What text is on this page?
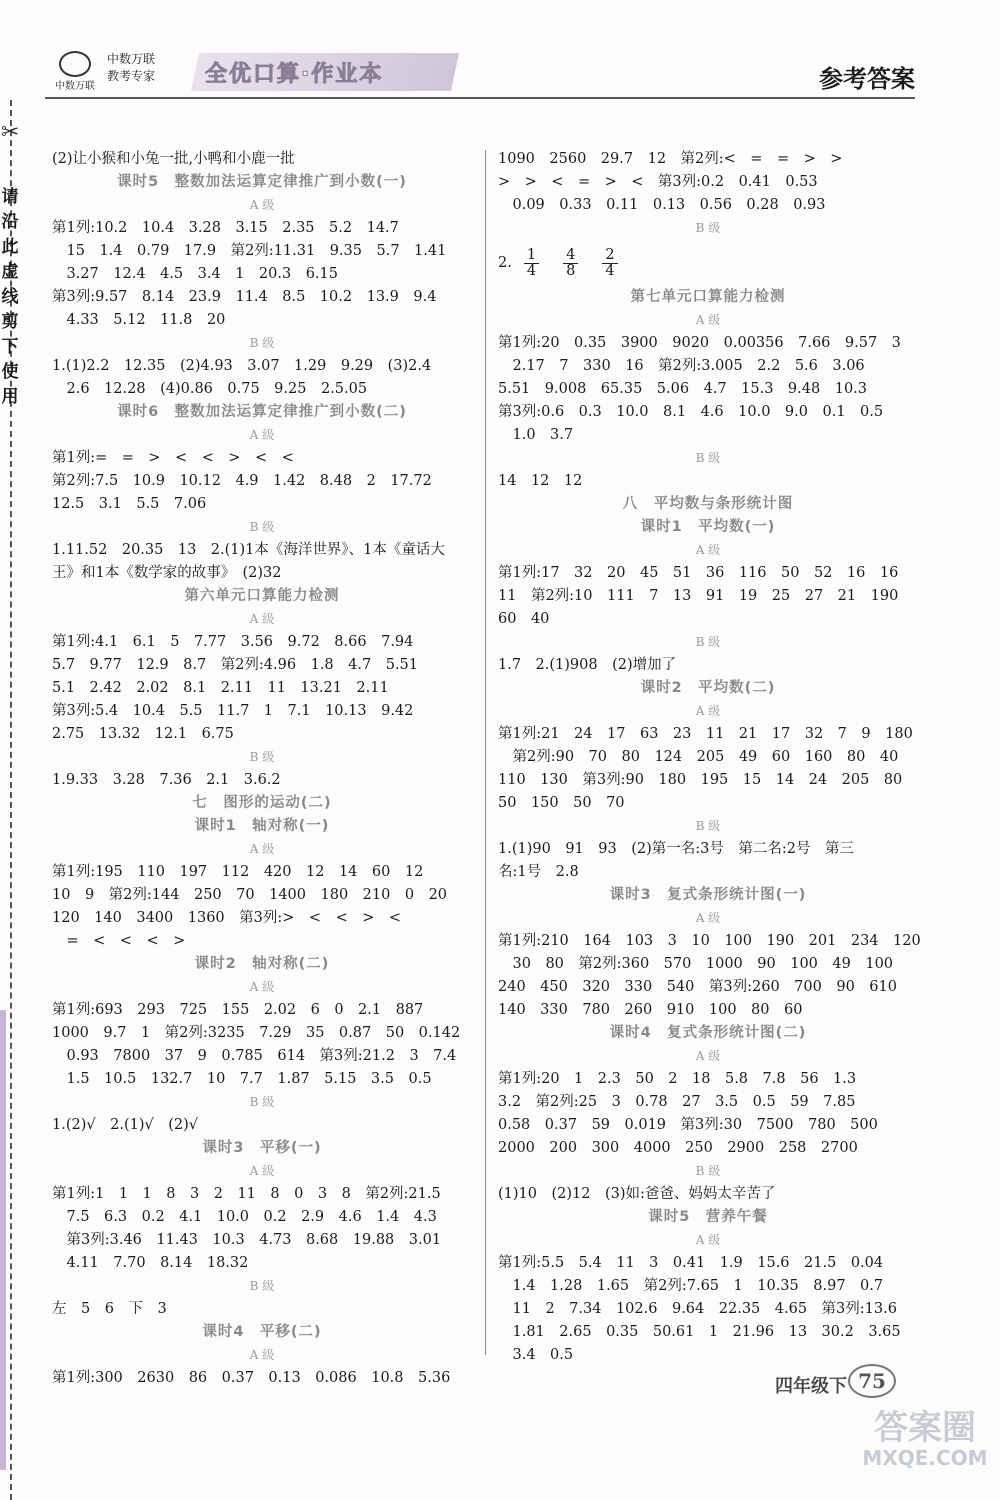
✂
请沿此虚线剪下使用
中数万联
中数万联
教考专家 全优口算·作业本	参考答案
(2)让小猴和小兔一批,小鸭和小鹿一批
课时5　整数加法运算定律推广到小数(一)
A 级
第1列:10.2　10.4　3.28　3.15　2.35　5.2　14.7
　15　1.4　0.79　17.9　第2列:11.31　9.35　5.7　1.41
　3.27　12.4　4.5　3.4　1　20.3　6.15
第3列:9.57　8.14　23.9　11.4　8.5　10.2　13.9　9.4
　4.33　5.12　11.8　20
B 级
1.(1)2.2　12.35　(2)4.93　3.07　1.29　9.29　(3)2.4
　2.6　12.28　(4)0.86　0.75　9.25　2.5.05
课时6　整数加法运算定律推广到小数(二)
A 级
第1列:=　=　>　<　<　>　<　<
第2列:7.5　10.9　10.12　4.9　1.42　8.48　2　17.72
12.5　3.1　5.5　7.06
B 级
1.11.52　20.35　13　2.(1)1本《海洋世界》、1本《童话大
王》和1本《数学家的故事》　(2)32
第六单元口算能力检测
A 级
第1列:4.1　6.1　5　7.77　3.56　9.72　8.66　7.94
5.7　9.77　12.9　8.7　第2列:4.96　1.8　4.7　5.51
5.1　2.42　2.02　8.1　2.11　11　13.21　2.11
第3列:5.4　10.4　5.5　11.7　1　7.1　10.13　9.42
2.75　13.32　12.1　6.75
B 级
1.9.33　3.28　7.36　2.1　3.6.2
七　图形的运动(二)
课时1　轴对称(一)
A 级
第1列:195　110　197　112　420　12　14　60　12
10　9　第2列:144　250　70　1400　180　210　0　20
120　140　3400　1360　第3列:>　<　<　>　<
　=　<　<　<　>
课时2　轴对称(二)
A 级
第1列:693　293　725　155　2.02　6　0　2.1　887
1000　9.7　1　第2列:3235　7.29　35　0.87　50　0.142
　0.93　7800　37　9　0.785　614　第3列:21.2　3　7.4
　1.5　10.5　132.7　10　7.7　1.87　5.15　3.5　0.5
B 级
1.(2)√　2.(1)√　(2)√
课时3　平移(一)
A 级
第1列:1　1　1　8　3　2　11　8　0　3　8　第2列:21.5
　7.5　6.3　0.2　4.1　10.0　0.2　2.9　4.6　1.4　4.3
　第3列:3.46　11.43　10.3　4.73　8.68　19.88　3.01
　4.11　7.70　8.14　18.32
B 级
左　5　6　下　3
课时4　平移(二)
A 级
第1列:300　2630　86　0.37　0.13　0.086　10.8　5.36
1090　2560　29.7　12　第2列:<　=　=　>　>
>　>　<　=　>　<　第3列:0.2　0.41　0.53
　0.09　0.33　0.11　0.13　0.56　0.28　0.93
B 级
2. $\frac{1}{4} \frac{4}{8} \frac{2}{4}$
第七单元口算能力检测
A 级
第1列:20　0.35　3900　9020　0.00356　7.66　9.57　3
　2.17　7　330　16　第2列:3.005　2.2　5.6　3.06
5.51　9.008　65.35　5.06　4.7　15.3　9.48　10.3
第3列:0.6　0.3　10.0　8.1　4.6　10.0　9.0　0.1　0.5
　1.0　3.7
B 级
14　12　12
八　平均数与条形统计图
课时1　平均数(一)
A 级
第1列:17　32　20　45　51　36　116　50　52　16　16
11　第2列:10　111　7　13　91　19　25　27　21　190
60　40
B 级
1.7　2.(1)908　(2)增加了
课时2　平均数(二)
A 级
第1列:21　24　17　63　23　11　21　17　32　7　9　180
　第2列:90　70　80　124　205　49　60　160　80　40
110　130　第3列:90　180　195　15　14　24　205　80
50　150　50　70
B 级
1.(1)90　91　93　(2)第一名:3号　第二名:2号　第三
名:1号　2.8
课时3　复式条形统计图(一)
A 级
第1列:210　164　103　3　10　100　190　201　234　120
　30　80　第2列:360　570　1000　90　100　49　100
240　450　320　330　540　第3列:260　700　90　610
140　330　780　260　910　100　80　60
课时4　复式条形统计图(二)
A 级
第1列:20　1　2.3　50　2　18　5.8　7.8　56　1.3
3.2　第2列:25　3　0.78　27　3.5　0.5　59　7.85
0.58　0.37　59　0.019　第3列:30　7500　780　500
2000　200　300　4000　250　2900　258　2700
B 级
(1)10　(2)12　(3)如:爸爸、妈妈太辛苦了
课时5　营养午餐
A 级
第1列:5.5　5.4　11　3　0.41　1.9　15.6　21.5　0.04
　1.4　1.28　1.65　第2列:7.65　1　10.35　8.97　0.7
　11　2　7.34　102.6　9.64　22.35　4.65　第3列:13.6
　1.81　2.65　0.35　50.61　1　21.96　13　30.2　3.65
　3.4　0.5
四年级下 75
答案圈
MXQE.COM
